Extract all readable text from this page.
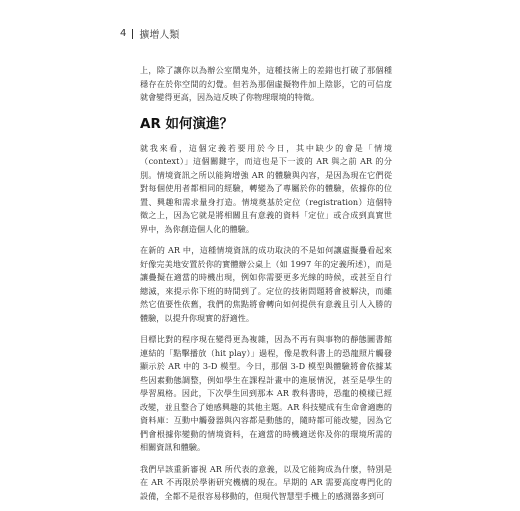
4 擴增人類

上，除了讓你以為辦公室鬧鬼外，這種技術上的差錯也打破了那個種穩存在於你空間的幻覺。但若為那個虛擬物件加上陰影，它的可信度就會變得更高，因為這反映了你物理環境的特徵。

AR 如何演進？

就我來看，這個定義若要用於今日，其中缺少的會是「情境（context）」這個關鍵字，而這也是下一波的 AR 與之前 AR 的分別。情境資訊之所以能夠增強 AR 的體驗與內容，是因為現在它們從對每個使用者都相同的經驗，轉變為了專屬於你的體驗，依據你的位置、興趣和需求量身打造。情境奠基於定位（registration）這個特徵之上，因為它就是將相關且有意義的資料「定位」或合成到真實世界中，為你創造個人化的體驗。

在新的 AR 中，這種情境資訊的成功取決的不是如何讓虛擬疊看起來好像完美地安置於你的實體辦公桌上（如 1997 年的定義所述），而是讓疊擬在適當的時機出現，例如你需要更多光線的時候，或甚至自行總滅，來提示你下班的時間到了。定位的技術問題將會被解決，而雖然它值要性依舊，我們的焦點將會轉向如何提供有意義且引人入勝的體驗，以提升你現實的舒適性。

目標比對的程序現在變得更為複雜，因為不再有與事物的靜態圖書館連結的「點擊播放（hit play）」過程，像是教科書上的恐龍照片觸發顯示於 AR 中的 3-D 模型。今日，那個 3-D 模型與體驗將會依據某些因素動態調整，例如學生在課程計畫中的進展情況，甚至是學生的學習風格。因此，下次學生回到那本 AR 教科書時，恐龍的模樣已經改變，並且整合了她感興趣的其他主題。AR 科技變成有生命會適應的資料庫：互動中觸發器與內容都是動態的，隨時都可能改變，因為它們會根據你變動的情境資料，在適當的時機適送你及你的環境所需的相關資訊和體驗。

我們早該重新審視 AR 所代表的意義，以及它能夠成為什麼，特別是在 AR 不再限於學術研究機構的現在。早期的 AR 需要高度專門化的設備，全都不是很容易移動的，但現代智慧型手機上的感測器多到可
